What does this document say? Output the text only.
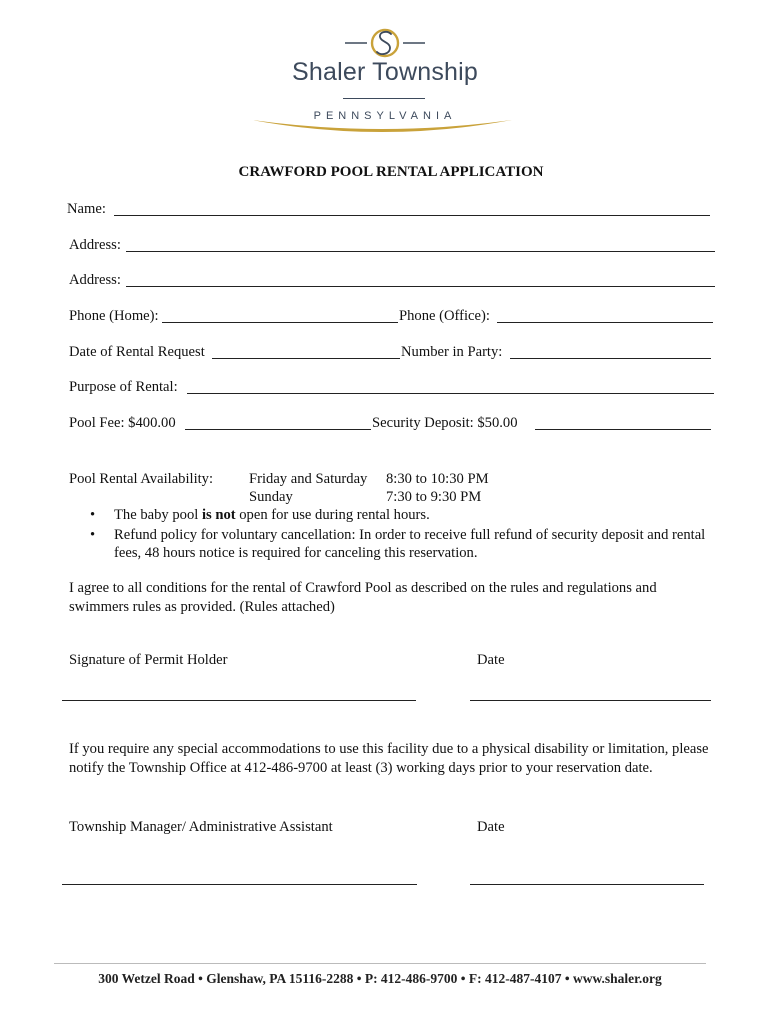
Shaler Township
PENNSYLVANIA
CRAWFORD POOL RENTAL APPLICATION
Name:
Address:
Address:
Phone (Home):	Phone (Office):
Date of Rental Request	Number in Party:
Purpose of Rental:
Pool Fee: $400.00	Security Deposit: $50.00
Pool Rental Availability: Friday and Saturday 8:30 to 10:30 PM
Sunday	7:30 to 9:30 PM
• The baby pool is not open for use during rental hours.
• Refund policy for voluntary cancellation: In order to receive full refund of security deposit and rental fees, 48 hours notice is required for canceling this reservation.
I agree to all conditions for the rental of Crawford Pool as described on the rules and regulations and swimmers rules as provided. (Rules attached)
Signature of Permit Holder	Date
If you require any special accommodations to use this facility due to a physical disability or limitation, please notify the Township Office at 412-486-9700 at least (3) working days prior to your reservation date.
Township Manager/ Administrative Assistant	Date
300 Wetzel Road • Glenshaw, PA 15116-2288 • P: 412-486-9700 • F: 412-487-4107 • www.shaler.org
